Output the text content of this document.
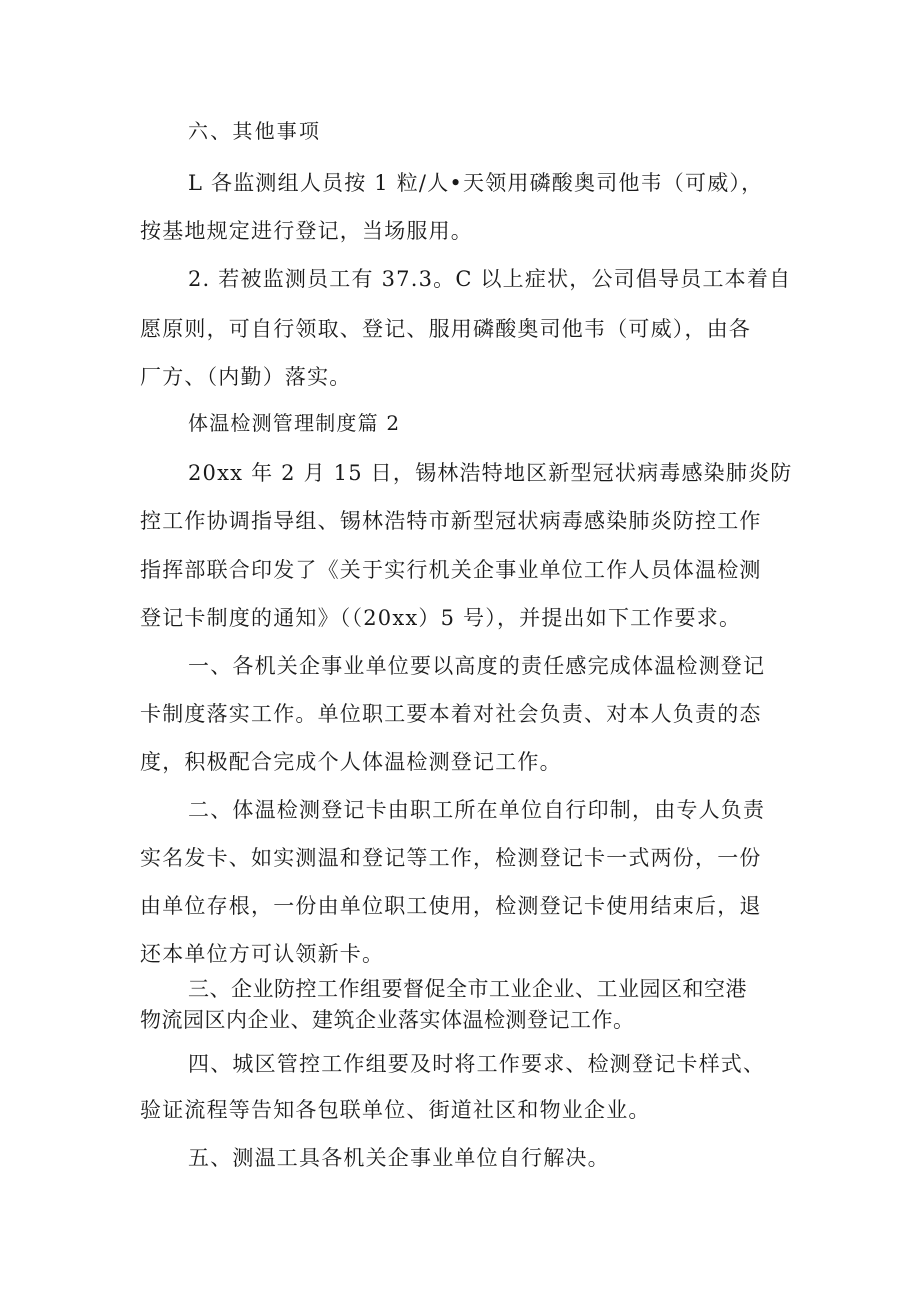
六、其他事项
L 各监测组人员按 1 粒/人•天领用磷酸奥司他韦（可威），
按基地规定进行登记，当场服用。
2. 若被监测员工有 37.3。C 以上症状，公司倡导员工本着自
愿原则，可自行领取、登记、服用磷酸奥司他韦（可威），由各
厂方、（内勤）落实。
体温检测管理制度篇 2
20xx 年 2 月 15 日，锡林浩特地区新型冠状病毒感染肺炎防
控工作协调指导组、锡林浩特市新型冠状病毒感染肺炎防控工作
指挥部联合印发了《关于实行机关企事业单位工作人员体温检测
登记卡制度的通知》（（20xx）5 号），并提出如下工作要求。
一、各机关企事业单位要以高度的责任感完成体温检测登记
卡制度落实工作。单位职工要本着对社会负责、对本人负责的态
度，积极配合完成个人体温检测登记工作。
二、体温检测登记卡由职工所在单位自行印制，由专人负责
实名发卡、如实测温和登记等工作，检测登记卡一式两份，一份
由单位存根，一份由单位职工使用，检测登记卡使用结束后，退
还本单位方可认领新卡。
三、企业防控工作组要督促全市工业企业、工业园区和空港
物流园区内企业、建筑企业落实体温检测登记工作。
四、城区管控工作组要及时将工作要求、检测登记卡样式、
验证流程等告知各包联单位、街道社区和物业企业。
五、测温工具各机关企事业单位自行解决。
